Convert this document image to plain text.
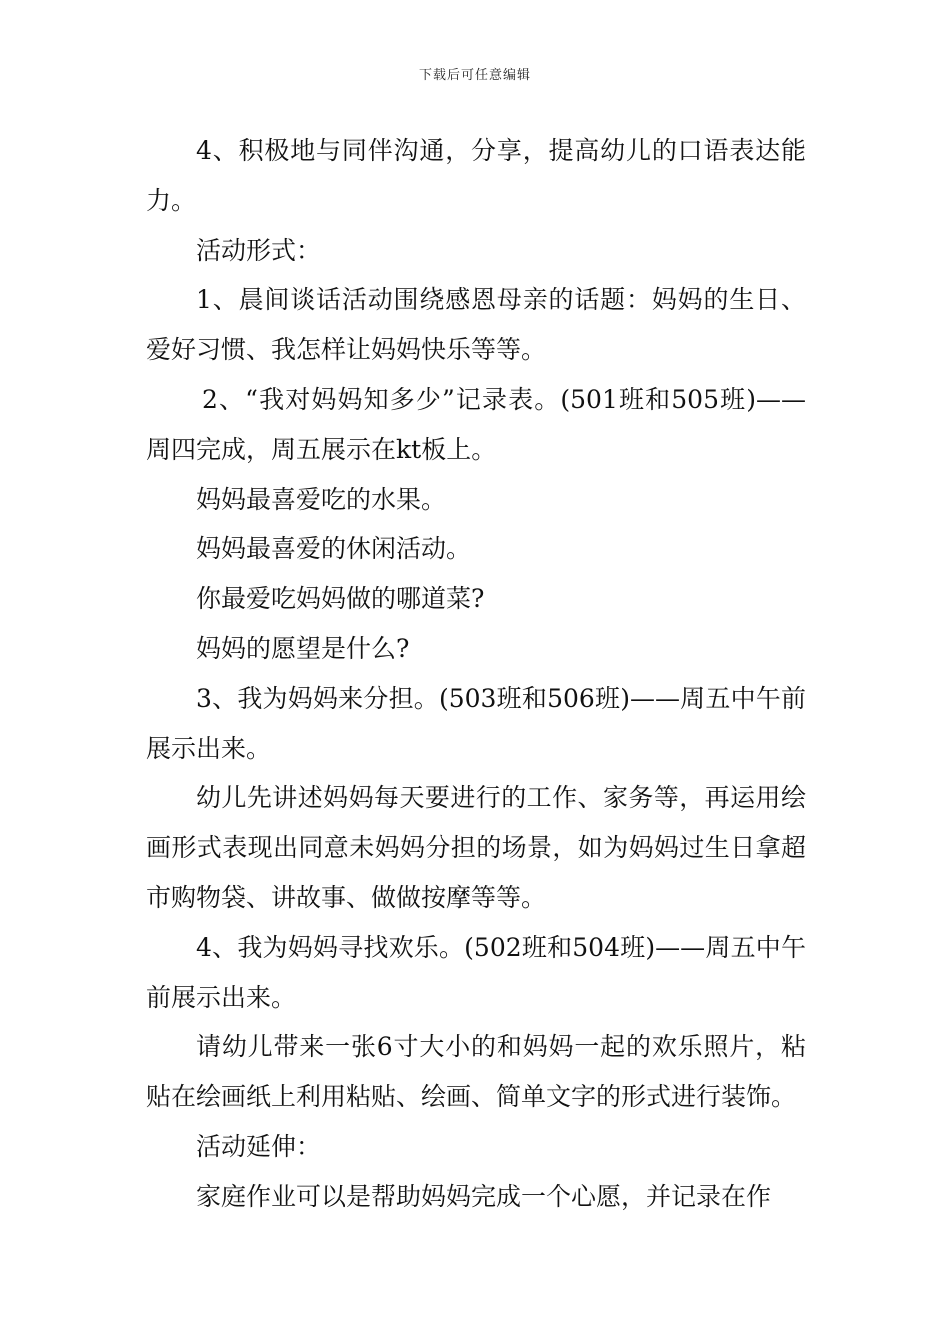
下载后可任意编辑

4、积极地与同伴沟通，分享，提高幼儿的口语表达能力。

活动形式：

1、晨间谈话活动围绕感恩母亲的话题：妈妈的生日、爱好习惯、我怎样让妈妈快乐等等。

2、“我对妈妈知多少”记录表。(501班和505班)——周四完成，周五展示在kt板上。

妈妈最喜爱吃的水果。

妈妈最喜爱的休闲活动。

你最爱吃妈妈做的哪道菜?

妈妈的愿望是什么?

3、我为妈妈来分担。(503班和506班)——周五中午前展示出来。

幼儿先讲述妈妈每天要进行的工作、家务等，再运用绘画形式表现出同意未妈妈分担的场景，如为妈妈过生日拿超市购物袋、讲故事、做做按摩等等。

4、我为妈妈寻找欢乐。(502班和504班)——周五中午前展示出来。

请幼儿带来一张6寸大小的和妈妈一起的欢乐照片，粘贴在绘画纸上利用粘贴、绘画、简单文字的形式进行装饰。

活动延伸：

家庭作业可以是帮助妈妈完成一个心愿，并记录在作
